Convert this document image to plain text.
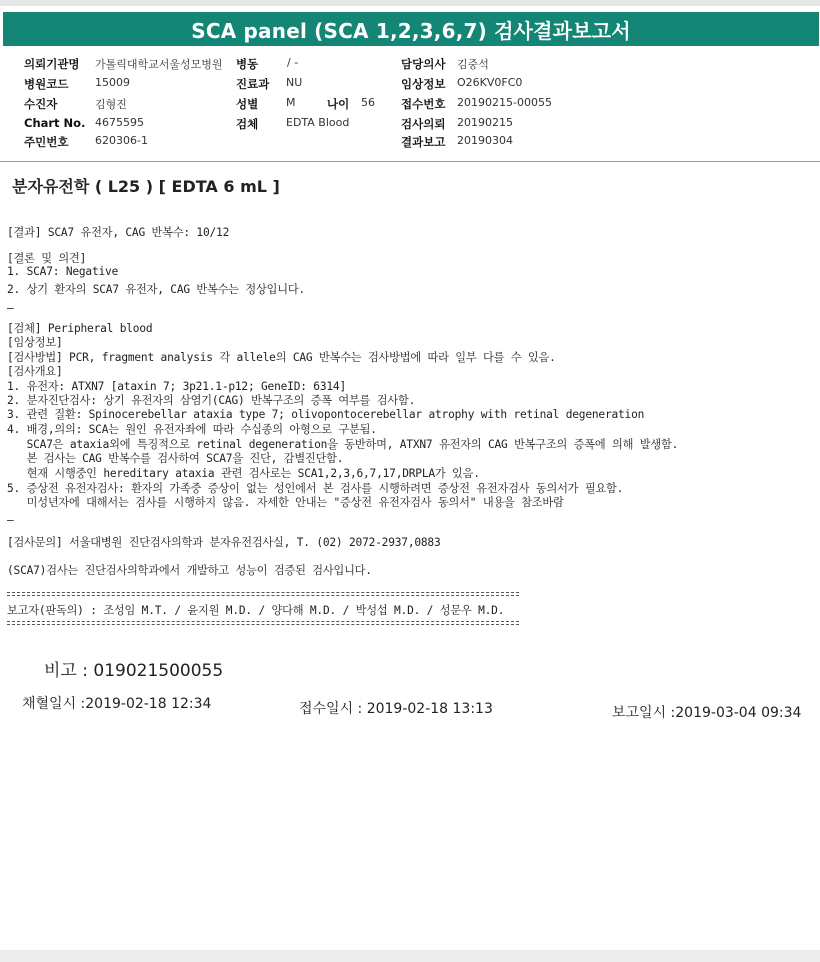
SCA panel (SCA 1,2,3,6,7) 검사결과보고서
의뢰기관명 가톨릭대학교서울성모병원 병동	/ -	담당의사 김중석
병원코드 15009	진료과 NU	임상정보 O26KV0FC0
수진자	김형진	성별	M	나이 56 접수번호 20190215-00055
Chart No. 4675595	검체	EDTA Blood	검사의뢰 20190215
주민번호 620306-1	결과보고 20190304
분자유전학 ( L25 ) [ EDTA 6 mL ]
[결과] SCA7 유전자, CAG 반복수: 10/12
[결론 및 의견]
1. SCA7: Negative
2. 상기 환자의 SCA7 유전자, CAG 반복수는 정상입니다.
—
[검체] Peripheral blood
[임상정보]
[검사방법] PCR, fragment analysis 각 allele의 CAG 반복수는 검사방법에 따라 일부 다를 수 있음.
[검사개요]
1. 유전자: ATXN7 [ataxin 7; 3p21.1-p12; GeneID: 6314]
2. 분자진단검사: 상기 유전자의 삼염기(CAG) 반복구조의 증폭 여부를 검사함.
3. 관련 질환: Spinocerebellar ataxia type 7; olivopontocerebellar atrophy with retinal degeneration
4. 배경,의의: SCA는 원인 유전자좌에 따라 수십종의 아형으로 구분됨.
SCA7은 ataxia외에 특징적으로 retinal degeneration을 동반하며, ATXN7 유전자의 CAG 반복구조의 증폭에 의해 발생함.
본 검사는 CAG 반복수를 검사하여 SCA7을 진단, 감별진단함.
현재 시행중인 hereditary ataxia 관련 검사로는 SCA1,2,3,6,7,17,DRPLA가 있음.
5. 증상전 유전자검사: 환자의 가족중 증상이 없는 성인에서 본 검사를 시행하려면 증상전 유전자검사 동의서가 필요함.
미성년자에 대해서는 검사를 시행하지 않음. 자세한 안내는 "증상전 유전자검사 동의서" 내용을 참조바람
—
[검사문의] 서울대병원 진단검사의학과 분자유전검사실, T. (02) 2072-2937,0883
(SCA7)검사는 진단검사의학과에서 개발하고 성능이 검증된 검사입니다.
보고자(판독의) : 조성임 M.T. / 윤지원 M.D. / 양다해 M.D. / 박성섭 M.D. / 성문우 M.D.
비고 : 019021500055
채혈일시 :2019-02-18 12:34	접수일시 : 2019-02-18 13:13	보고일시 :2019-03-04 09:34
